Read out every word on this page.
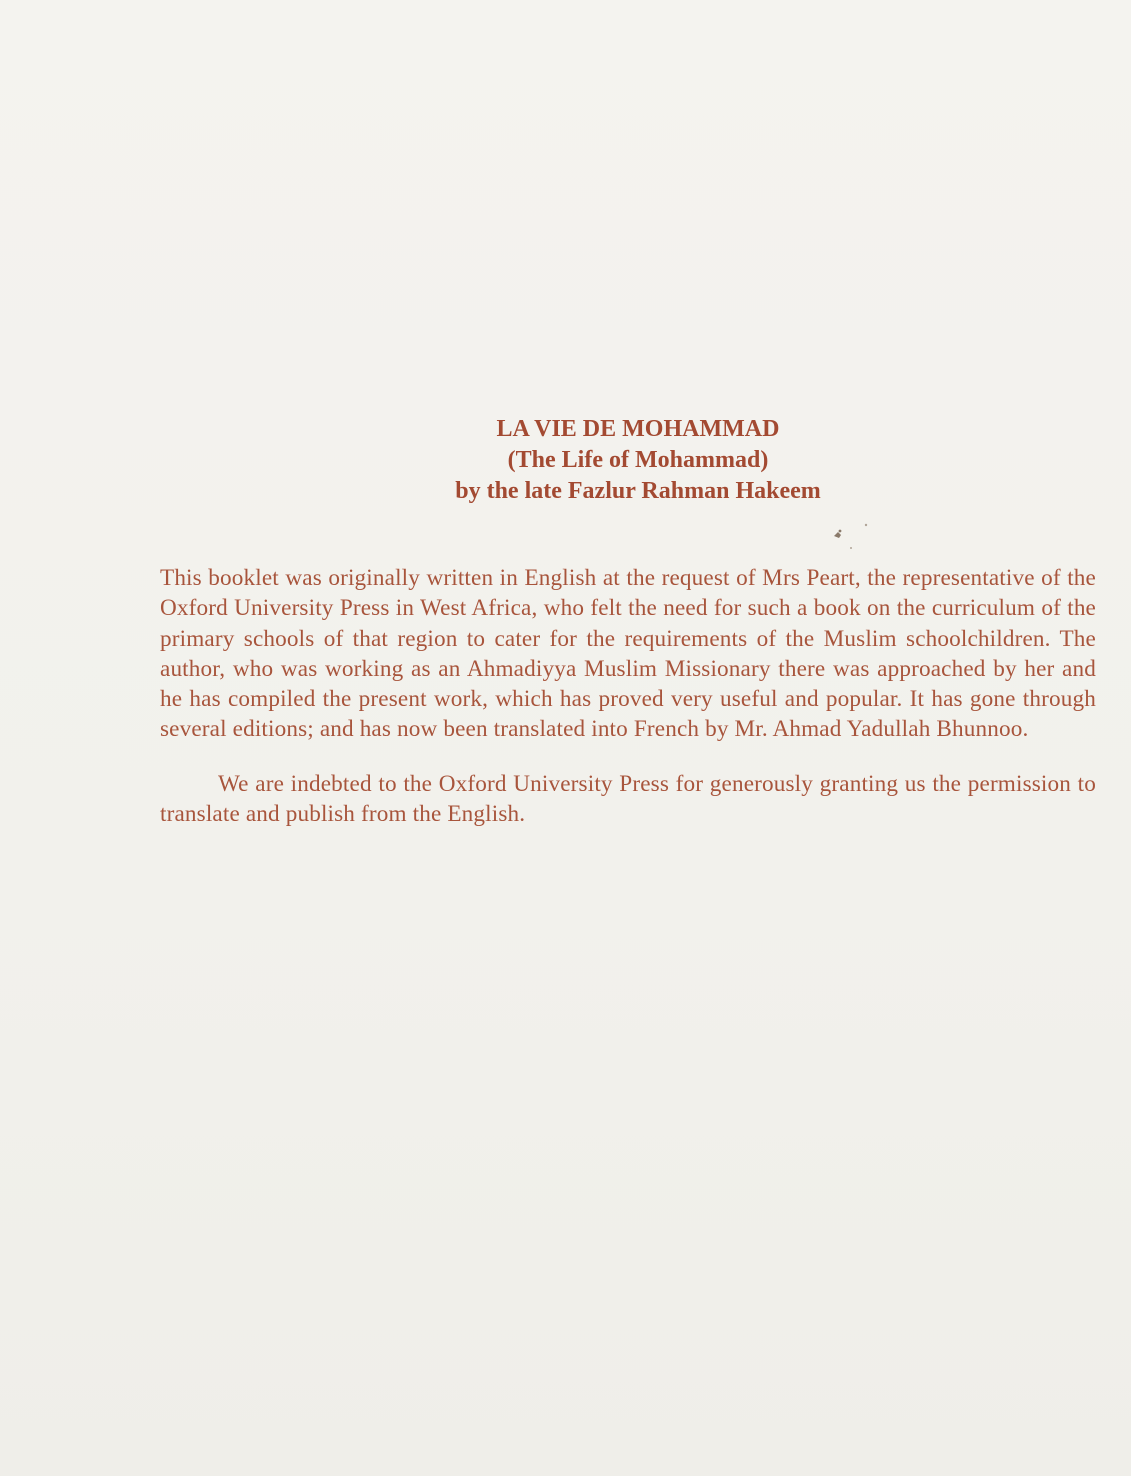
LA VIE DE MOHAMMAD
(The Life of Mohammad)
by the late Fazlur Rahman Hakeem

This booklet was originally written in English at the request of Mrs Peart, the representative of the Oxford University Press in West Africa, who felt the need for such a book on the curriculum of the primary schools of that region to cater for the requirements of the Muslim schoolchildren. The author, who was working as an Ahmadiyya Muslim Missionary there was approached by her and he has compiled the present work, which has proved very useful and popular. It has gone through several editions; and has now been translated into French by Mr. Ahmad Yadullah Bhunnoo.

We are indebted to the Oxford University Press for generously granting us the permission to translate and publish from the English.
